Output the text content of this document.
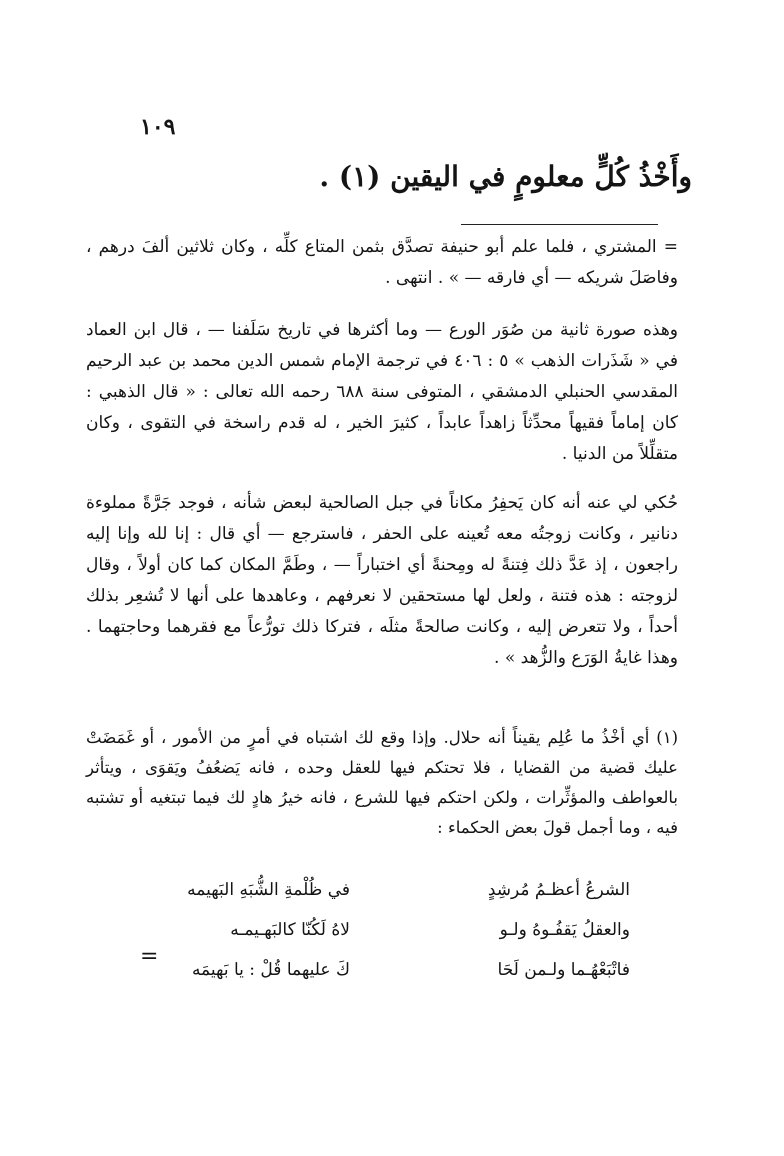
١٠٩
وأَخْذُ كُلٍّ معلومٍ في اليقين (١) .

= المشتري ، فلما علم أبو حنيفة تصدَّق بثمن المتاع كلِّه ، وكان ثلاثين ألفَ درهم ، وفاصَلَ شريكه — أي فارقه — » . انتهى .

وهذه صورة ثانية من صُوَر الورع — وما أكثرها في تاريخ سَلَفنا — ، قال ابن العماد في « شَذَرات الذهب » ٥ : ٤٠٦ في ترجمة الإمام شمس الدين محمد بن عبد الرحيم المقدسي الحنبلي الدمشقي ، المتوفى سنة ٦٨٨ رحمه الله تعالى : « قال الذهبي : كان إماماً فقيهاً محدِّثاً زاهداً عابداً ، كثيرَ الخير ، له قدم راسخة في التقوى ، وكان متقلِّلاً من الدنيا .

حُكي لي عنه أنه كان يَحفِرُ مكاناً في جبل الصالحية لبعض شأنه ، فوجد جَرَّةً مملوءة دنانير ، وكانت زوجتُه معه تُعينه على الحفر ، فاسترجع — أي قال : إنا لله وإنا إليه راجعون ، إذ عَدَّ ذلك فِتنةً له ومِحنةً أي اختباراً — ، وطَمَّ المكان كما كان أولاً ، وقال لزوجته : هذه فتنة ، ولعل لها مستحقين لا نعرفهم ، وعاهدها على أنها لا تُشعِر بذلك أحداً ، ولا تتعرض إليه ، وكانت صالحةً مثلَه ، فتركا ذلك تورُّعاً مع فقرهما وحاجتهما . وهذا غايةُ الوَرَع والزُّهد » .

(١) أي أخْذُ ما عُلِم يقيناً أنه حلال. وإذا وقع لك اشتباه في أمرٍ من الأمور ، أو غَمَضَتْ عليك قضية من القضايا ، فلا تحتكم فيها للعقل وحده ، فانه يَضعُفُ ويَقوَى ، ويتأثر بالعواطف والمؤثِّرات ، ولكن احتكم فيها للشرع ، فانه خيرُ هادٍ لك فيما تبتغيه أو تشتبه فيه ، وما أجمل قولَ بعض الحكماء :

الشرعُ أعظـمُ مُرشِدٍ
في ظُلْمةِ الشُّبَهِ البَهيمه
والعقلُ يَقفُـوهُ ولـو
لاهُ لَكُنّا كالبَهـيمـه
فاتْبَعْهُـما ولـمن لَحَا
كَ عليهما قُلْ : يا بَهيمَه
=
